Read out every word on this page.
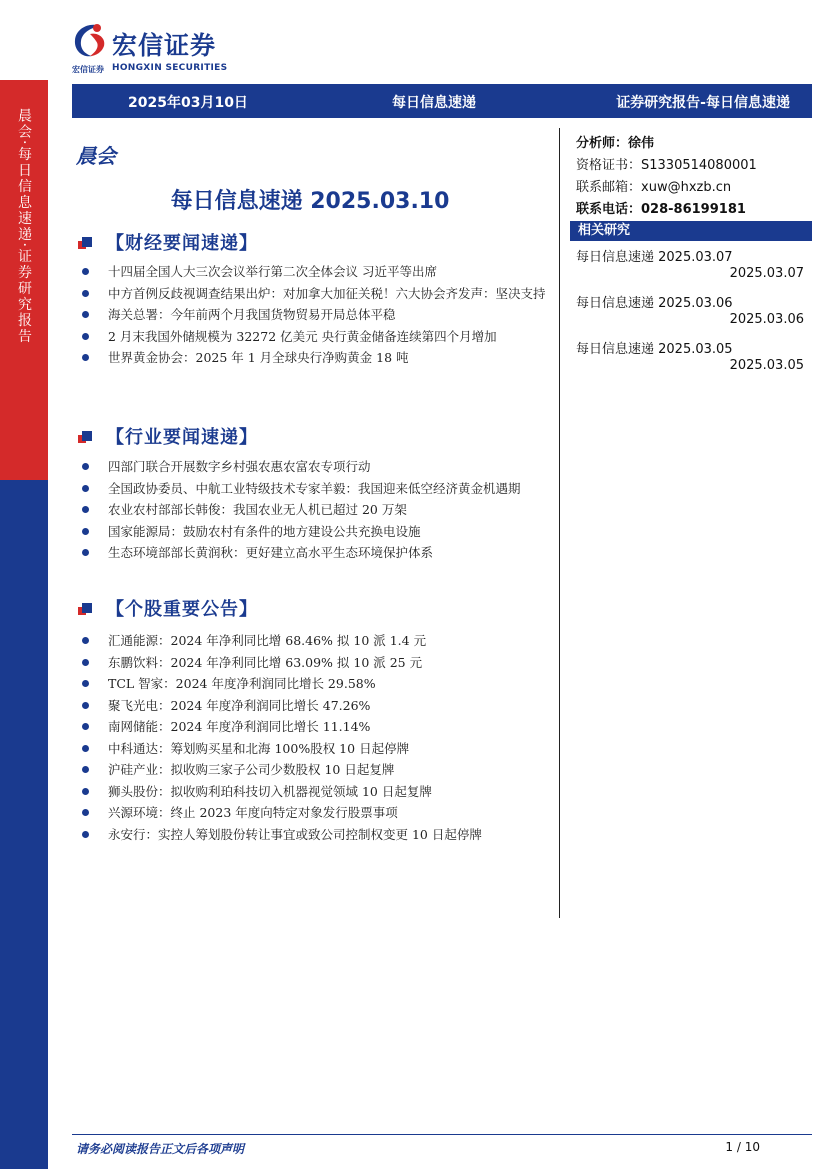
晨会·每日信息速递·证券研究报告
宏信证券
宏信证券 HONGXIN SECURITIES
2025年03月10日	每日信息速递	证券研究报告-每日信息速递
晨会
每日信息速递 2025.03.10
【财经要闻速递】
十四届全国人大三次会议举行第二次全体会议 习近平等出席
中方首例反歧视调查结果出炉：对加拿大加征关税！六大协会齐发声：坚决支持
海关总署：今年前两个月我国货物贸易开局总体平稳
2 月末我国外储规模为 32272 亿美元 央行黄金储备连续第四个月增加
世界黄金协会：2025 年 1 月全球央行净购黄金 18 吨
【行业要闻速递】
四部门联合开展数字乡村强农惠农富农专项行动
全国政协委员、中航工业特级技术专家羊毅：我国迎来低空经济黄金机遇期
农业农村部部长韩俊：我国农业无人机已超过 20 万架
国家能源局：鼓励农村有条件的地方建设公共充换电设施
生态环境部部长黄润秋：更好建立高水平生态环境保护体系
【个股重要公告】
汇通能源：2024 年净利同比增 68.46% 拟 10 派 1.4 元
东鹏饮料：2024 年净利同比增 63.09% 拟 10 派 25 元
TCL 智家：2024 年度净利润同比增长 29.58%
聚飞光电：2024 年度净利润同比增长 47.26%
南网储能：2024 年度净利润同比增长 11.14%
中科通达：筹划购买星和北海 100%股权 10 日起停牌
沪硅产业：拟收购三家子公司少数股权 10 日起复牌
狮头股份：拟收购利珀科技切入机器视觉领域 10 日起复牌
兴源环境：终止 2023 年度向特定对象发行股票事项
永安行：实控人筹划股份转让事宜或致公司控制权变更 10 日起停牌
分析师：徐伟
资格证书：S1330514080001
联系邮箱：xuw@hxzb.cn
联系电话：028-86199181
相关研究
每日信息速递 2025.03.07
2025.03.07
每日信息速递 2025.03.06
2025.03.06
每日信息速递 2025.03.05
2025.03.05
请务必阅读报告正文后各项声明	1 / 10
